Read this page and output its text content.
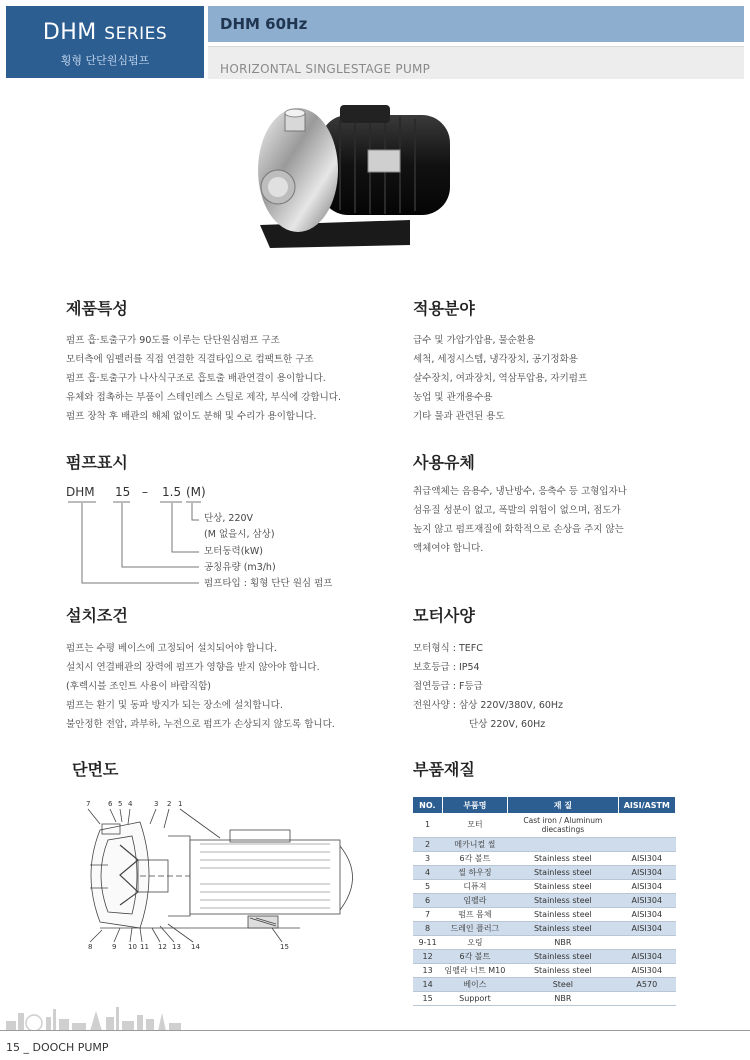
DHM SERIES
횡형 단단원심펌프
DHM 60Hz
HORIZONTAL SINGLESTAGE PUMP
제품특성
펌프 흡·토출구가 90도를 이루는 단단원심펌프 구조
모터측에 임펠러를 직접 연결한 직결타입으로 컴팩트한 구조
펌프 흡·토출구가 나사식구조로 흡토출 배관연결이 용이합니다.
유체와 접촉하는 부품이 스테인레스 스틸로 제작, 부식에 강합니다.
펌프 장착 후 배관의 해체 없이도 분해 및 수리가 용이합니다.
적용분야
급수 및 가압가압용, 물순환용
세척, 세정시스템, 냉각장치, 공기정화용
살수장치, 여과장치, 역삼투압용, 자키펌프
농업 및 관개용수용
기타 물과 관련된 용도
펌프표시
DHM 15 – 1.5 (M)
단상, 220V
(M 없을시, 삼상)
모터동력(kW)
공칭유량 (m3/h)
펌프타입 : 횡형 단단 원심 펌프
사용유체
취급액체는 음용수, 냉난방수, 응축수 등 고형입자나
섬유질 성분이 없고, 폭발의 위험이 없으며, 점도가
높지 않고 펌프재질에 화학적으로 손상을 주지 않는
액체여야 합니다.
설치조건
펌프는 수평 베이스에 고정되어 설치되어야 합니다.
설치시 연결배관의 장력에 펌프가 영향을 받지 않아야 합니다.
(후렉시블 조인트 사용이 바람직함)
펌프는 환기 및 동파 방지가 되는 장소에 설치합니다.
불안정한 전압, 과부하, 누전으로 펌프가 손상되지 않도록 합니다.
모터사양
모터형식 : TEFC
보호등급 : IP54
절연등급 : F등급
전원사양 : 삼상 220V/380V, 60Hz
단상 220V, 60Hz
단면도
7	6 5 4	3 2 1
8	9 10 11 12 13 14	15
부품재질
NO.	부품명	재 질	AISI/ASTM
1	모터	Cast iron / Aluminum diecastings	
2	메카니컬 씰		
3	6각 볼트	Stainless steel	AISI304
4	씰 하우징	Stainless steel	AISI304
5	디퓨져	Stainless steel	AISI304
6	임펠라	Stainless steel	AISI304
7	펌프 몸체	Stainless steel	AISI304
8	드레인 플러그	Stainless steel	AISI304
9-11	오링	NBR	
12	6각 볼트	Stainless steel	AISI304
13	임펠라 너트 M10	Stainless steel	AISI304
14	베이스	Steel	A570
15	Support	NBR	
15 _ DOOCH PUMP
